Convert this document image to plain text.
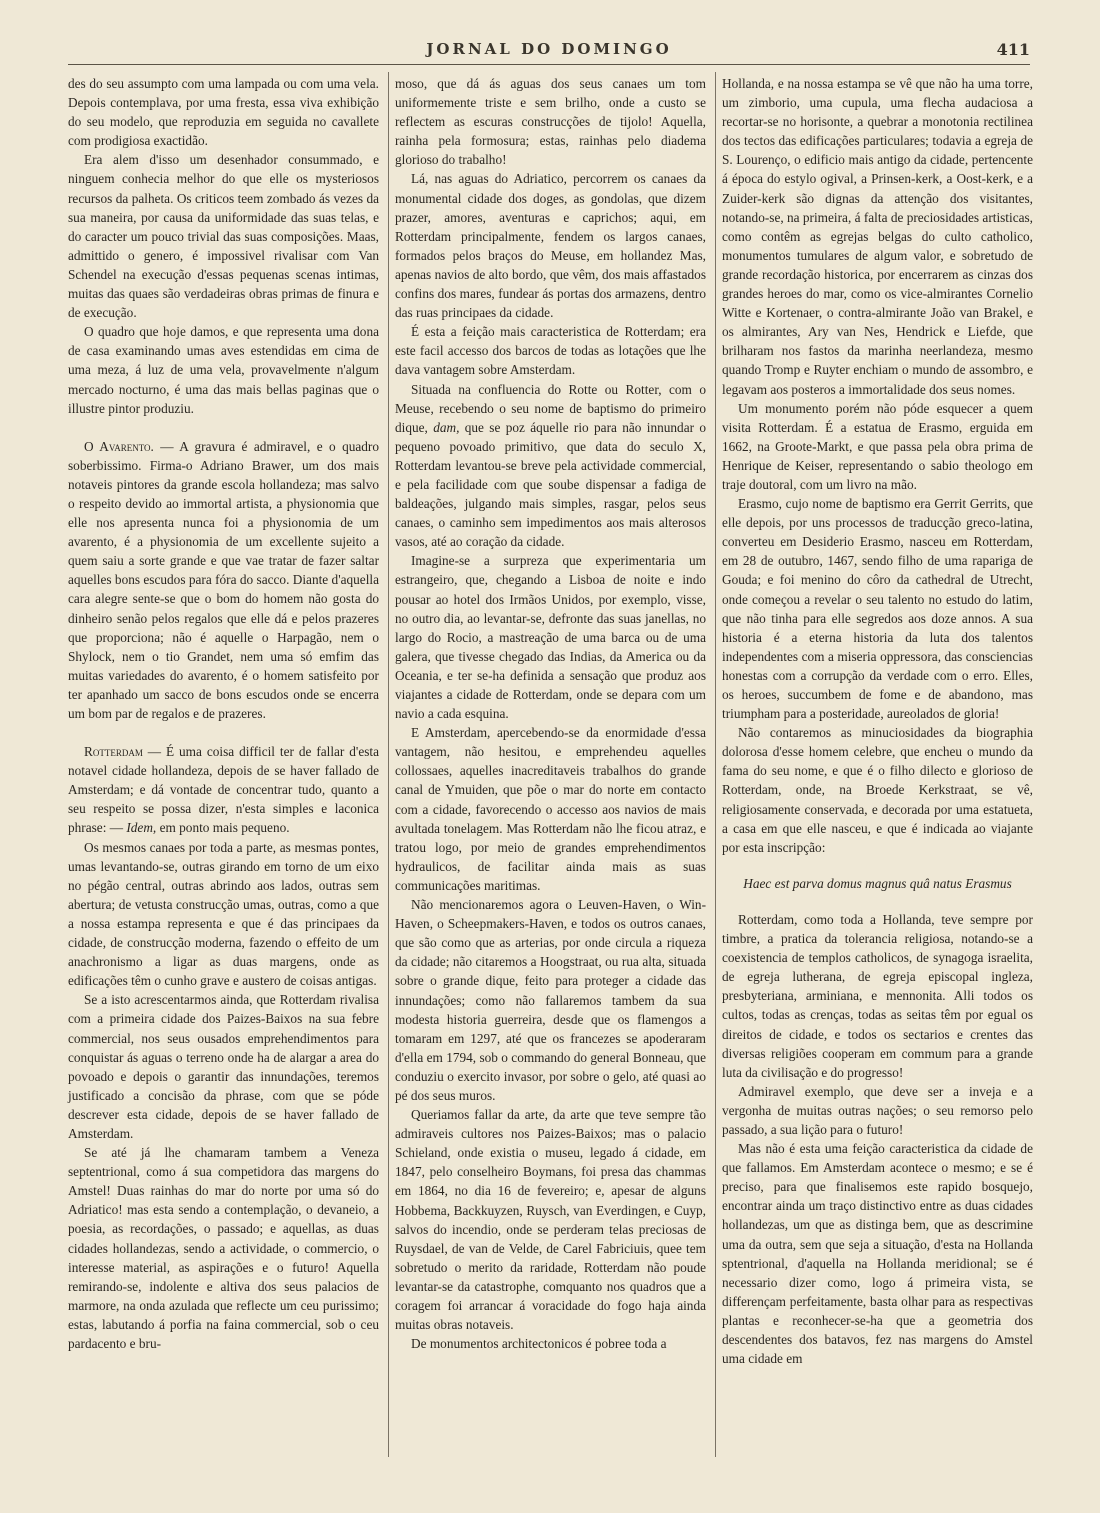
JORNAL DO DOMINGO	411

des do seu assumpto com uma lampada ou com uma vela. Depois contemplava, por uma fresta, essa viva exhibição do seu modelo, que reproduzia em seguida no cavallete com prodigiosa exactidão.

Era alem d'isso um desenhador consummado, e ninguem conhecia melhor do que elle os mysteriosos recursos da palheta. Os criticos teem zombado ás vezes da sua maneira, por causa da uniformidade das suas telas, e do caracter um pouco trivial das suas composições. Maas, admittido o genero, é impossivel rivalisar com Van Schendel na execução d'essas pequenas scenas intimas, muitas das quaes são verdadeiras obras primas de finura e de execução.

O quadro que hoje damos, e que representa uma dona de casa examinando umas aves estendidas em cima de uma meza, á luz de uma vela, provavelmente n'algum mercado nocturno, é uma das mais bellas paginas que o illustre pintor produziu.

O Avarento. — A gravura é admiravel, e o quadro soberbissimo. Firma-o Adriano Brawer, um dos mais notaveis pintores da grande escola hollandeza; mas salvo o respeito devido ao immortal artista, a physionomia que elle nos apresenta nunca foi a physionomia de um avarento, é a physionomia de um excellente sujeito a quem saiu a sorte grande e que vae tratar de fazer saltar aquelles bons escudos para fóra do sacco. Diante d'aquella cara alegre sente-se que o bom do homem não gosta do dinheiro senão pelos regalos que elle dá e pelos prazeres que proporciona; não é aquelle o Harpagão, nem o Shylock, nem o tio Grandet, nem uma só emfim das muitas variedades do avarento, é o homem satisfeito por ter apanhado um sacco de bons escudos onde se encerra um bom par de regalos e de prazeres.

Rotterdam — É uma coisa difficil ter de fallar d'esta notavel cidade hollandeza, depois de se haver fallado de Amsterdam; e dá vontade de concentrar tudo, quanto a seu respeito se possa dizer, n'esta simples e laconica phrase: — Idem, em ponto mais pequeno.

Os mesmos canaes por toda a parte, as mesmas pontes, umas levantando-se, outras girando em torno de um eixo no pégão central, outras abrindo aos lados, outras sem abertura; de vetusta construcção umas, outras, como a que a nossa estampa representa e que é das principaes da cidade, de construcção moderna, fazendo o effeito de um anachronismo a ligar as duas margens, onde as edificações têm o cunho grave e austero de coisas antigas.

Se a isto acrescentarmos ainda, que Rotterdam rivalisa com a primeira cidade dos Paizes-Baixos na sua febre commercial, nos seus ousados emprehendimentos para conquistar ás aguas o terreno onde ha de alargar a area do povoado e depois o garantir das innundações, teremos justificado a concisão da phrase, com que se póde descrever esta cidade, depois de se haver fallado de Amsterdam.

Se até já lhe chamaram tambem a Veneza septentrional, como á sua competidora das margens do Amstel! Duas rainhas do mar do norte por uma só do Adriatico! mas esta sendo a contemplação, o devaneio, a poesia, as recordações, o passado; e aquellas, as duas cidades hollandezas, sendo a actividade, o commercio, o interesse material, as aspirações e o futuro! Aquella remirando-se, indolente e altiva dos seus palacios de marmore, na onda azulada que reflecte um ceu purissimo; estas, labutando á porfia na faina commercial, sob o ceu pardacento e bru-

moso, que dá ás aguas dos seus canaes um tom uniformemente triste e sem brilho, onde a custo se reflectem as escuras construcções de tijolo! Aquella, rainha pela formosura; estas, rainhas pelo diadema glorioso do trabalho!

Lá, nas aguas do Adriatico, percorrem os canaes da monumental cidade dos doges, as gondolas, que dizem prazer, amores, aventuras e caprichos; aqui, em Rotterdam principalmente, fendem os largos canaes, formados pelos braços do Meuse, em hollandez Mas, apenas navios de alto bordo, que vêm, dos mais affastados confins dos mares, fundear ás portas dos armazens, dentro das ruas principaes da cidade.

É esta a feição mais caracteristica de Rotterdam; era este facil accesso dos barcos de todas as lotações que lhe dava vantagem sobre Amsterdam.

Situada na confluencia do Rotte ou Rotter, com o Meuse, recebendo o seu nome de baptismo do primeiro dique, dam, que se poz áquelle rio para não innundar o pequeno povoado primitivo, que data do seculo X, Rotterdam levantou-se breve pela actividade commercial, e pela facilidade com que soube dispensar a fadiga de baldeações, julgando mais simples, rasgar, pelos seus canaes, o caminho sem impedimentos aos mais alterosos vasos, até ao coração da cidade.

Imagine-se a surpreza que experimentaria um estrangeiro, que, chegando a Lisboa de noite e indo pousar ao hotel dos Irmãos Unidos, por exemplo, visse, no outro dia, ao levantar-se, defronte das suas janellas, no largo do Rocio, a mastreação de uma barca ou de uma galera, que tivesse chegado das Indias, da America ou da Oceania, e ter se-ha definida a sensação que produz aos viajantes a cidade de Rotterdam, onde se depara com um navio a cada esquina.

E Amsterdam, apercebendo-se da enormidade d'essa vantagem, não hesitou, e emprehendeu aquelles collossaes, aquelles inacreditaveis trabalhos do grande canal de Ymuiden, que põe o mar do norte em contacto com a cidade, favorecendo o accesso aos navios de mais avultada tonelagem. Mas Rotterdam não lhe ficou atraz, e tratou logo, por meio de grandes emprehendimentos hydraulicos, de facilitar ainda mais as suas communicações maritimas.

Não mencionaremos agora o Leuven-Haven, o Win-Haven, o Scheepmakers-Haven, e todos os outros canaes, que são como que as arterias, por onde circula a riqueza da cidade; não citaremos a Hoogstraat, ou rua alta, situada sobre o grande dique, feito para proteger a cidade das innundações; como não fallaremos tambem da sua modesta historia guerreira, desde que os flamengos a tomaram em 1297, até que os francezes se apoderaram d'ella em 1794, sob o commando do general Bonneau, que conduziu o exercito invasor, por sobre o gelo, até quasi ao pé dos seus muros.

Queriamos fallar da arte, da arte que teve sempre tão admiraveis cultores nos Paizes-Baixos; mas o palacio Schieland, onde existia o museu, legado á cidade, em 1847, pelo conselheiro Boymans, foi presa das chammas em 1864, no dia 16 de fevereiro; e, apesar de alguns Hobbema, Backkuyzen, Ruysch, van Everdingen, e Cuyp, salvos do incendio, onde se perderam telas preciosas de Ruysdael, de van de Velde, de Carel Fabriciuis, quee tem sobretudo o merito da raridade, Rotterdam não poude levantar-se da catastrophe, comquanto nos quadros que a coragem foi arrancar á voracidade do fogo haja ainda muitas obras notaveis.

De monumentos architectonicos é pobree toda a

Hollanda, e na nossa estampa se vê que não ha uma torre, um zimborio, uma cupula, uma flecha audaciosa a recortar-se no horisonte, a quebrar a monotonia rectilinea dos tectos das edificações particulares; todavia a egreja de S. Lourenço, o edificio mais antigo da cidade, pertencente á época do estylo ogival, a Prinsen-kerk, a Oost-kerk, e a Zuider-kerk são dignas da attenção dos visitantes, notando-se, na primeira, á falta de preciosidades artisticas, como contêm as egrejas belgas do culto catholico, monumentos tumulares de algum valor, e sobretudo de grande recordação historica, por encerrarem as cinzas dos grandes heroes do mar, como os vice-almirantes Cornelio Witte e Kortenaer, o contra-almirante João van Brakel, e os almirantes, Ary van Nes, Hendrick e Liefde, que brilharam nos fastos da marinha neerlandeza, mesmo quando Tromp e Ruyter enchiam o mundo de assombro, e legavam aos posteros a immortalidade dos seus nomes.

Um monumento porém não póde esquecer a quem visita Rotterdam. É a estatua de Erasmo, erguida em 1662, na Groote-Markt, e que passa pela obra prima de Henrique de Keiser, representando o sabio theologo em traje doutoral, com um livro na mão.

Erasmo, cujo nome de baptismo era Gerrit Gerrits, que elle depois, por uns processos de traducção greco-latina, converteu em Desiderio Erasmo, nasceu em Rotterdam, em 28 de outubro, 1467, sendo filho de uma rapariga de Gouda; e foi menino do côro da cathedral de Utrecht, onde começou a revelar o seu talento no estudo do latim, que não tinha para elle segredos aos doze annos. A sua historia é a eterna historia da luta dos talentos independentes com a miseria oppressora, das consciencias honestas com a corrupção da verdade com o erro. Elles, os heroes, succumbem de fome e de abandono, mas triumpham para a posteridade, aureolados de gloria!

Não contaremos as minuciosidades da biographia dolorosa d'esse homem celebre, que encheu o mundo da fama do seu nome, e que é o filho dilecto e glorioso de Rotterdam, onde, na Broede Kerkstraat, se vê, religiosamente conservada, e decorada por uma estatueta, a casa em que elle nasceu, e que é indicada ao viajante por esta inscripção:

Haec est parva domus magnus quâ natus Erasmus

Rotterdam, como toda a Hollanda, teve sempre por timbre, a pratica da tolerancia religiosa, notando-se a coexistencia de templos catholicos, de synagoga israelita, de egreja lutherana, de egreja episcopal ingleza, presbyteriana, arminiana, e mennonita. Alli todos os cultos, todas as crenças, todas as seitas têm por egual os direitos de cidade, e todos os sectarios e crentes das diversas religiões cooperam em commum para a grande luta da civilisação e do progresso!

Admiravel exemplo, que deve ser a inveja e a vergonha de muitas outras nações; o seu remorso pelo passado, a sua lição para o futuro!

Mas não é esta uma feição caracteristica da cidade de que fallamos. Em Amsterdam acontece o mesmo; e se é preciso, para que finalisemos este rapido bosquejo, encontrar ainda um traço distinctivo entre as duas cidades hollandezas, um que as distinga bem, que as descrimine uma da outra, sem que seja a situação, d'esta na Hollanda sptentrional, d'aquella na Hollanda meridional; se é necessario dizer como, logo á primeira vista, se differençam perfeitamente, basta olhar para as respectivas plantas e reconhecer-se-ha que a geometria dos descendentes dos batavos, fez nas margens do Amstel uma cidade em
